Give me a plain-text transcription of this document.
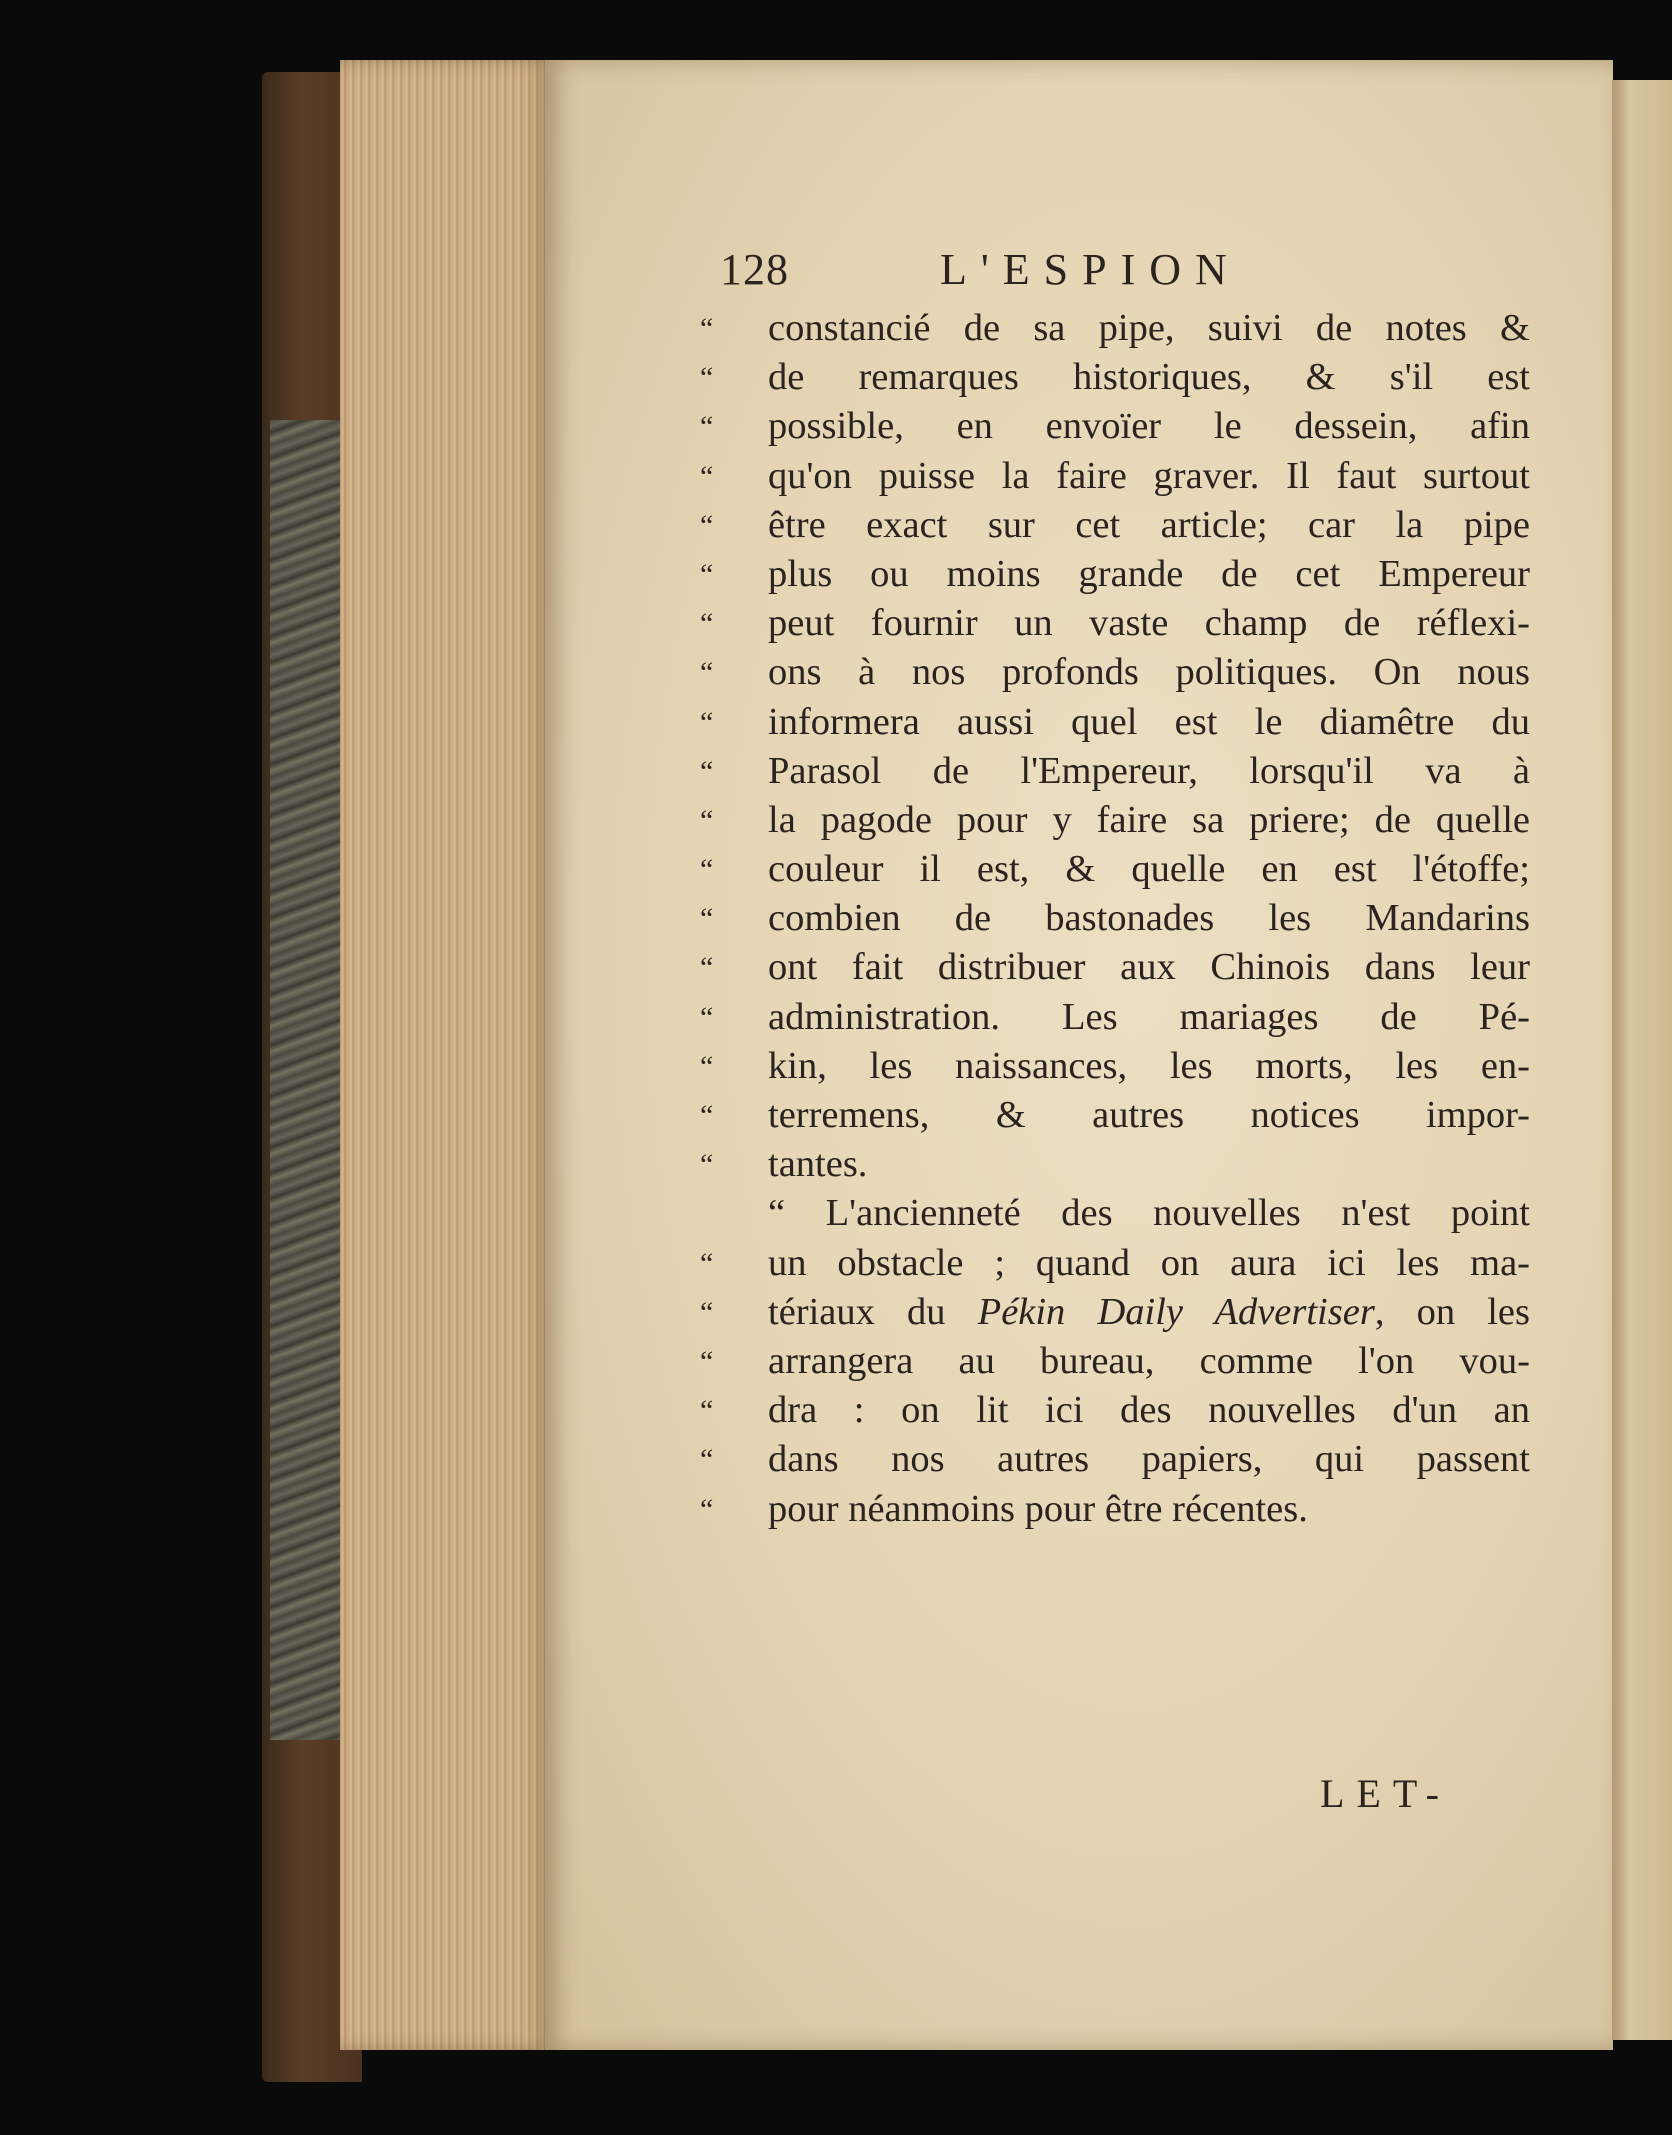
128	L'ESPION
“	constancié de sa pipe, suivi de notes &
“	de remarques historiques, & s'il est
“	possible, en envoïer le dessein, afin
“	qu'on puisse la faire graver. Il faut surtout
“	être exact sur cet article; car la pipe
“	plus ou moins grande de cet Empereur
“	peut fournir un vaste champ de réflexi-
“	ons à nos profonds politiques. On nous
“	informera aussi quel est le diamêtre du
“	Parasol de l'Empereur, lorsqu'il va à
“	la pagode pour y faire sa priere; de quelle
“	couleur il est, & quelle en est l'étoffe;
“	combien de bastonades les Mandarins
“	ont fait distribuer aux Chinois dans leur
“	administration. Les mariages de Pé-
“	kin, les naissances, les morts, les en-
“	terremens, & autres notices impor-
“	tantes.
“ L'ancienneté des nouvelles n'est point
“	un obstacle ; quand on aura ici les ma-
“	tériaux du Pékin Daily Advertiser, on les
“	arrangera au bureau, comme l'on vou-
“	dra : on lit ici des nouvelles d'un an
“	dans nos autres papiers, qui passent
“	pour néanmoins pour être récentes.
LET-
